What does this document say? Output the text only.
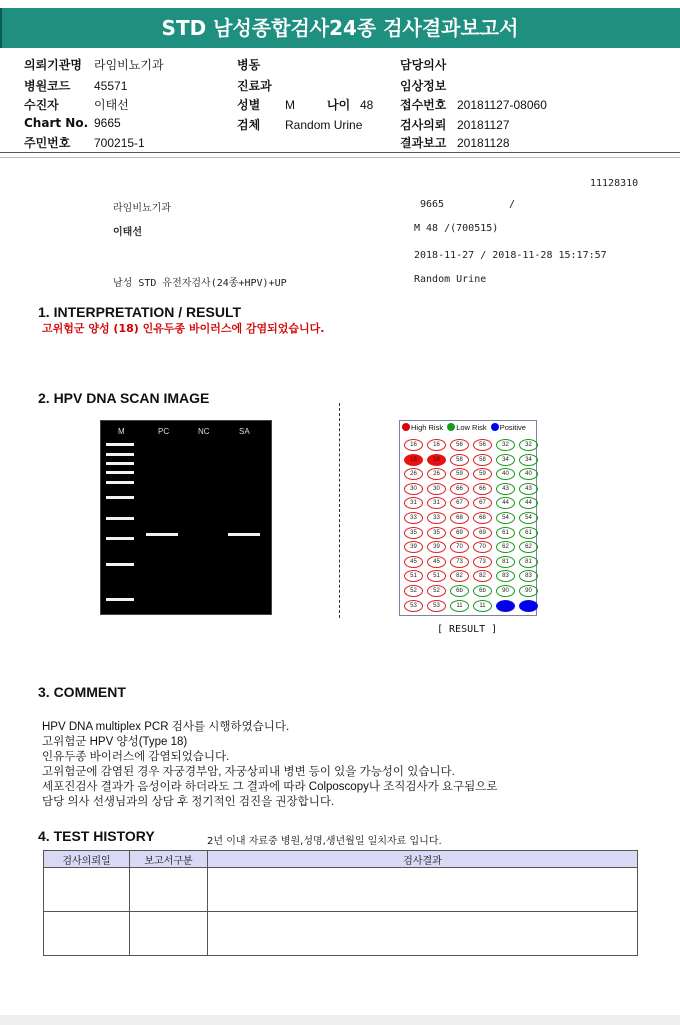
STD 남성종합검사24종 검사결과보고서
의뢰기관명 라임비뇨기과
병원코드 45571
수진자	이태선
Chart No. 9665
주민번호 700215-1
병동
진료과
성별 M	나이 48
검체 Random Urine
담당의사
임상정보
접수번호 20181127-08060
검사의뢰 20181127
결과보고 20181128
11128310
라임비뇨기과	9665	/
이태선	M 48 /(700515)
2018-11-27 / 2018-11-28 15:17:57
남성 STD 유전자검사(24종+HPV)+UP	Random Urine
1. INTERPRETATION / RESULT
고위험군 양성 (18) 인유두종 바이러스에 감염되었습니다.
2. HPV DNA SCAN IMAGE
M	PC	NC	SA	High Risk Low Risk Positive
16	16	56	56	32	32
18	18	58	58	34	34
26	26	59	59	40	40
30	30	66	66	43	43
31	31	67	67	44	44
33	33	68	68	54	54
35	35	69	69	61	61
39	39	70	70	62	62
45	45	73	73	81	81
51	51	82	82	83	83
52	52	6b	6b	90	90
53	53	11	11
[ RESULT ]
3. COMMENT
HPV DNA multiplex PCR 검사를 시행하였습니다.
고위험군 HPV 양성(Type 18)
인유두종 바이러스에 감염되었습니다.
고위험군에 감염된 경우 자궁경부암, 자궁상피내 병변 등이 있을 가능성이 있습니다.
세포진검사 결과가 음성이라 하더라도 그 결과에 따라 Colposcopy나 조직검사가 요구됨으로
담당 의사 선생님과의 상담 후 정기적인 검진을 권장합니다.
4. TEST HISTORY	2년 이내 자료중 병원,성명,생년월일 일치자료 입니다.
검사의뢰일	보고서구분	검사결과
